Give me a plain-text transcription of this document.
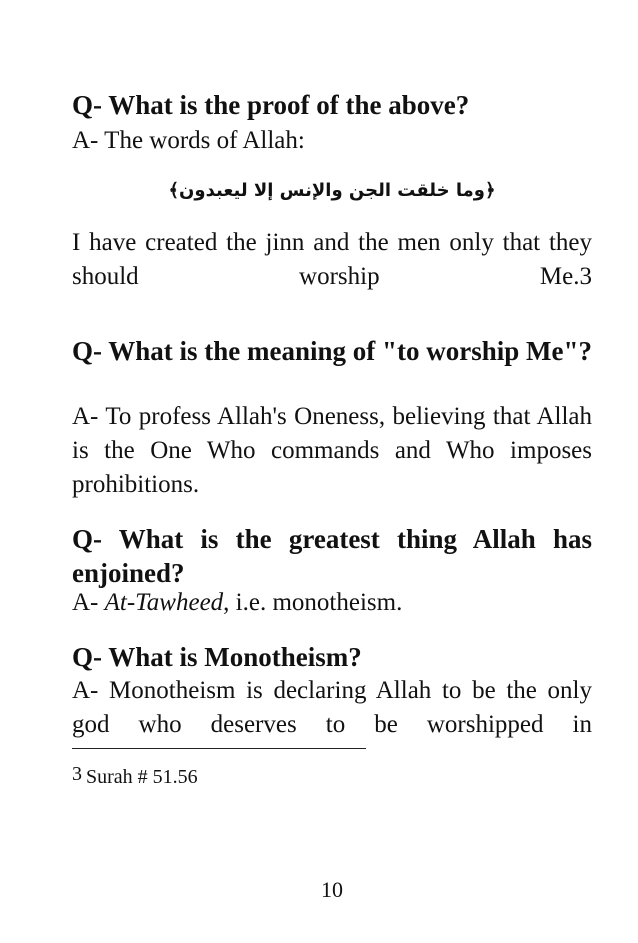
Q- What is the proof of the above?

A- The words of Allah:

﴿وما خلقت الجن والإنس إلا ليعبدون﴾

I have created the jinn and the men only that they should worship Me.3

Q- What is the meaning of "to worship Me"?

A- To profess Allah's Oneness, believing that Allah is the One Who commands and Who imposes prohibitions.

Q- What is the greatest thing Allah has enjoined?

A- At-Tawheed, i.e. monotheism.

Q- What is Monotheism?

A- Monotheism is declaring Allah to be the only god who deserves to be worshipped in

$^3$ Surah # 51.56
10
